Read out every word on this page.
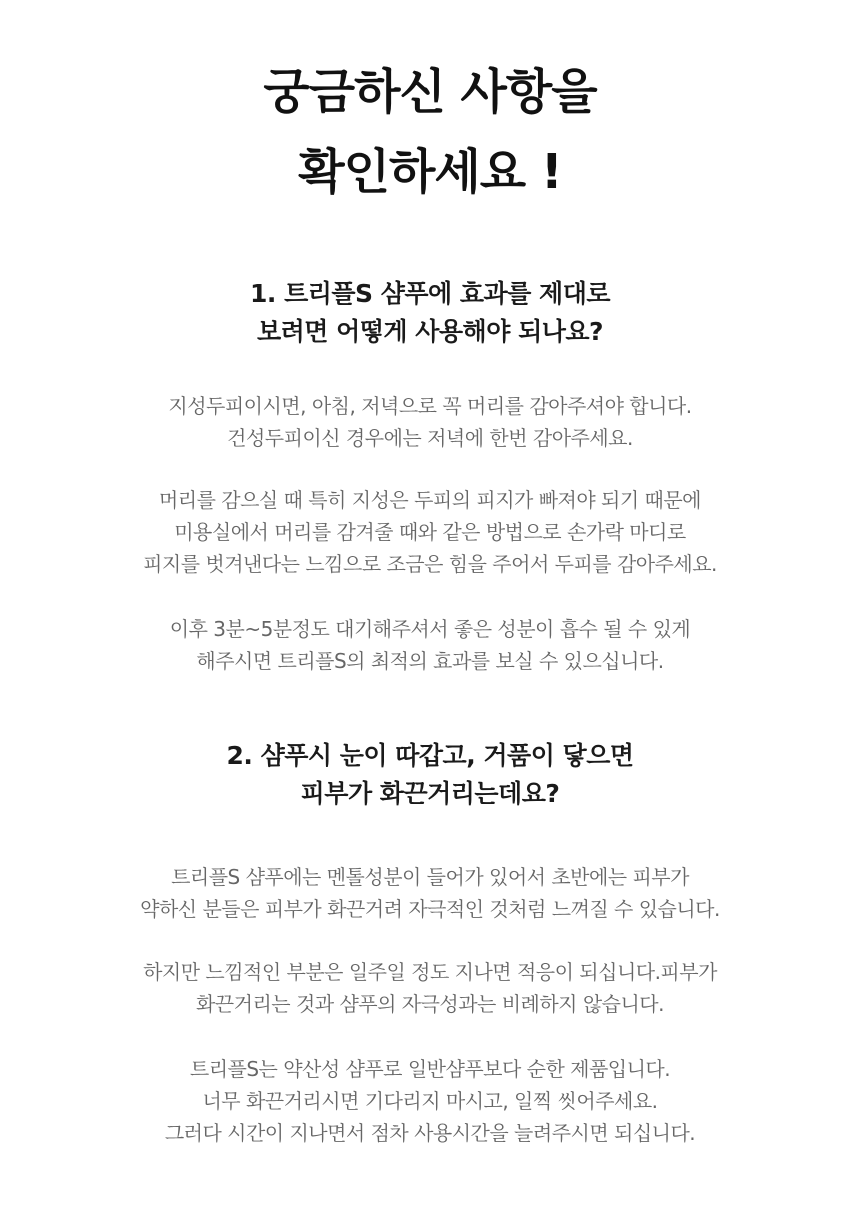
궁금하신 사항을
확인하세요 !
1. 트리플S 샴푸에 효과를 제대로
보려면 어떻게 사용해야 되나요?

지성두피이시면, 아침, 저녁으로 꼭 머리를 감아주셔야 합니다.
건성두피이신 경우에는 저녁에 한번 감아주세요.

머리를 감으실 때 특히 지성은 두피의 피지가 빠져야 되기 때문에
미용실에서 머리를 감겨줄 때와 같은 방법으로 손가락 마디로
피지를 벗겨낸다는 느낌으로 조금은 힘을 주어서 두피를 감아주세요.

이후 3분~5분정도 대기해주셔서 좋은 성분이 흡수 될 수 있게
해주시면 트리플S의 최적의 효과를 보실 수 있으십니다.

2. 샴푸시 눈이 따갑고, 거품이 닿으면
피부가 화끈거리는데요?

트리플S 샴푸에는 멘톨성분이 들어가 있어서 초반에는 피부가
약하신 분들은 피부가 화끈거려 자극적인 것처럼 느껴질 수 있습니다.

하지만 느낌적인 부분은 일주일 정도 지나면 적응이 되십니다.피부가
화끈거리는 것과 샴푸의 자극성과는 비례하지 않습니다.

트리플S는 약산성 샴푸로 일반샴푸보다 순한 제품입니다.
너무 화끈거리시면 기다리지 마시고, 일찍 씻어주세요.
그러다 시간이 지나면서 점차 사용시간을 늘려주시면 되십니다.
